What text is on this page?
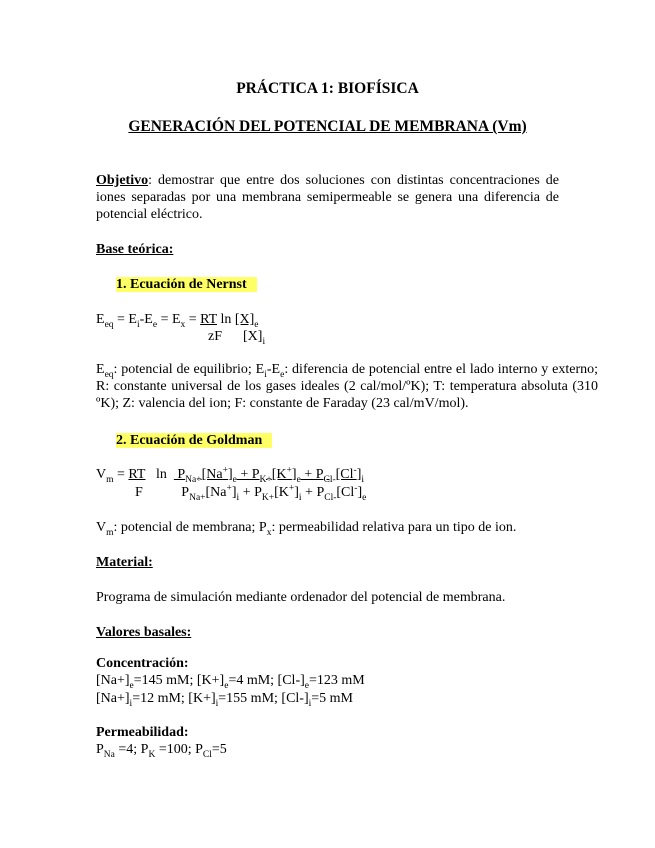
PRÁCTICA 1: BIOFÍSICA
GENERACIÓN DEL POTENCIAL DE MEMBRANA (Vm)
Objetivo: demostrar que entre dos soluciones con distintas concentraciones de iones separadas por una membrana semipermeable se genera una diferencia de potencial eléctrico.
Base teórica:
1. Ecuación de Nernst
$E_{eq} = E_i-E_e = E_x$ = RT $\ln [X]_e$
zF      $[X]_i$
$E_{eq}$: potencial de equilibrio; $E_i-E_e$: diferencia de potencial entre el lado interno y externo; R: constante universal de los gases ideales (2 cal/mol/ºK); T: temperatura absoluta (310 ºK); Z: valencia del ion; F: constante de Faraday (23 cal/mV/mol).
2. Ecuación de Goldman
$V_m$ = RT   $\ln P_{Na+}[Na^+]_e + P_{K+}[K^+]_e + P_{Cl-}[Cl^-]_i$
F           $P_{Na+}[Na^+]_i + P_{K+}[K^+]_i + P_{Cl-}[Cl^-]_e$
$V_m$: potencial de membrana; $P_x$: permeabilidad relativa para un tipo de ion.
Material:
Programa de simulación mediante ordenador del potencial de membrana.
Valores basales:
Concentración:
$[Na+]_e=145$ mM; $[K+]_e=4$ mM; $[Cl-]_e=123$ mM
$[Na+]_i=12$ mM; $[K+]_i=155$ mM; $[Cl-]_i=5$ mM
Permeabilidad:
$P_{Na} =4$; $P_K =100$; $P_{Cl}=5$
